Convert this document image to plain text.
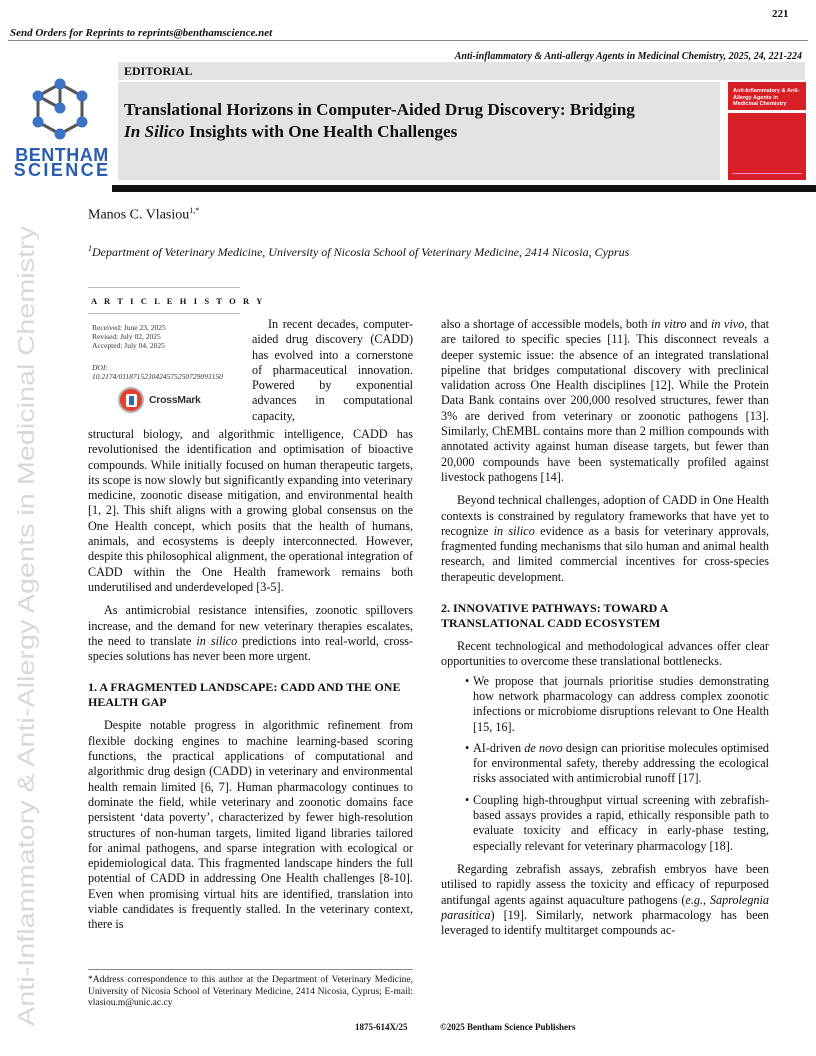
221
Send Orders for Reprints to reprints@benthamscience.net
Anti-inflammatory & Anti-allergy Agents in Medicinal Chemistry, 2025, 24, 221-224
BENTHAM
SCIENCE
EDITORIAL
Translational Horizons in Computer-Aided Drug Discovery: Bridging
In Silico Insights with One Health Challenges
Anti-Inflammatory & Anti-Allergy Agents in Medicinal Chemistry
Anti-Inflammatory & Anti-Allergy Agents in Medicinal Chemistry
Manos C. Vlasiou$^{1,*}$
$^1$Department of Veterinary Medicine, University of Nicosia School of Veterinary Medicine, 2414 Nicosia, Cyprus
A R T I C L E H I S T O R Y
Received: June 23, 2025
Revised: July 02, 2025
Accepted: July 04, 2025
DOI:
10.2174/0118715230424575250729093150
CrossMark

In recent decades, computer-aided drug discovery (CADD) has evolved into a cornerstone of pharmaceutical innovation. Powered by exponential advances in computational capacity,

structural biology, and algorithmic intelligence, CADD has revolutionised the identification and optimisation of bioactive compounds. While initially focused on human therapeutic targets, its scope is now slowly but significantly expanding into veterinary medicine, zoonotic disease mitigation, and environmental health [1, 2]. This shift aligns with a growing global consensus on the One Health concept, which posits that the health of humans, animals, and ecosystems is deeply interconnected. However, despite this philosophical alignment, the operational integration of CADD within the One Health framework remains both underutilised and underdeveloped [3-5].

As antimicrobial resistance intensifies, zoonotic spillovers increase, and the demand for new veterinary therapies escalates, the need to translate in silico predictions into real-world, cross-species solutions has never been more urgent.

1. A FRAGMENTED LANDSCAPE: CADD AND THE ONE HEALTH GAP

Despite notable progress in algorithmic refinement from flexible docking engines to machine learning-based scoring functions, the practical applications of computational and algorithmic drug design (CADD) in veterinary and environmental health remain limited [6, 7]. Human pharmacology continues to dominate the field, while veterinary and zoonotic domains face persistent ‘data poverty’, characterized by fewer high-resolution structures of non-human targets, limited ligand libraries tailored for animal pathogens, and sparse integration with ecological or epidemiological data. This fragmented landscape hinders the full potential of CADD in addressing One Health challenges [8-10]. Even when promising virtual hits are identified, translation into viable candidates is frequently stalled. In the veterinary context, there is

also a shortage of accessible models, both in vitro and in vivo, that are tailored to specific species [11]. This disconnect reveals a deeper systemic issue: the absence of an integrated translational pipeline that bridges computational discovery with preclinical validation across One Health disciplines [12]. While the Protein Data Bank contains over 200,000 resolved structures, fewer than 3% are derived from veterinary or zoonotic pathogens [13]. Similarly, ChEMBL contains more than 2 million compounds with annotated activity against human disease targets, but fewer than 20,000 compounds have been systematically profiled against livestock pathogens [14].

Beyond technical challenges, adoption of CADD in One Health contexts is constrained by regulatory frameworks that have yet to recognize in silico evidence as a basis for veterinary approvals, fragmented funding mechanisms that silo human and animal health research, and limited commercial incentives for cross-species therapeutic development.

2. INNOVATIVE PATHWAYS: TOWARD A TRANSLATIONAL CADD ECOSYSTEM

Recent technological and methodological advances offer clear opportunities to overcome these translational bottlenecks.

• We propose that journals prioritise studies demonstrating how network pharmacology can address complex zoonotic infections or microbiome disruptions relevant to One Health [15, 16].
• AI-driven de novo design can prioritise molecules optimised for environmental safety, thereby addressing the ecological risks associated with antimicrobial runoff [17].
• Coupling high-throughput virtual screening with zebrafish-based assays provides a rapid, ethically responsible path to evaluate toxicity and efficacy in early-phase testing, especially relevant for veterinary pharmacology [18].

Regarding zebrafish assays, zebrafish embryos have been utilised to rapidly assess the toxicity and efficacy of repurposed antifungal agents against aquaculture pathogens (e.g., Saprolegnia parasitica) [19]. Similarly, network pharmacology has been leveraged to identify multitarget compounds ac-

*Address correspondence to this author at the Department of Veterinary Medicine, University of Nicosia School of Veterinary Medicine, 2414 Nicosia, Cyprus; E-mail: vlasiou.m@unic.ac.cy
1875-614X/25	©2025 Bentham Science Publishers
